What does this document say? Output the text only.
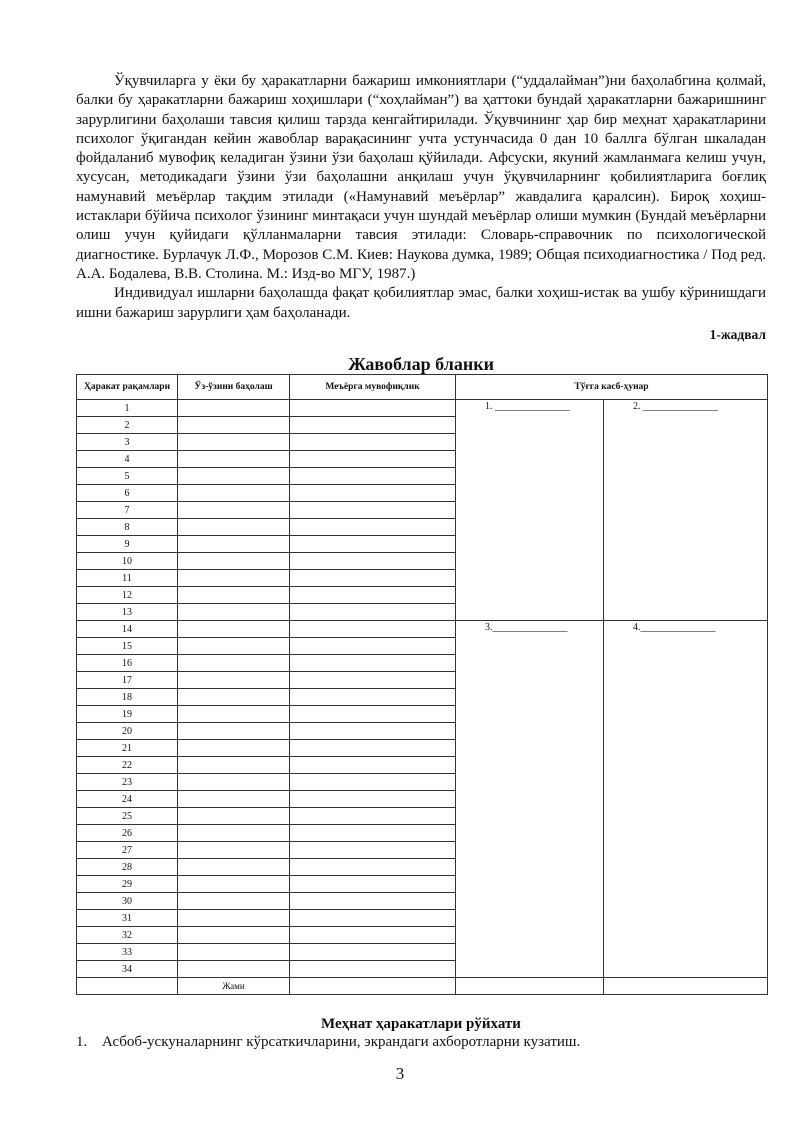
Ўқувчиларга у ёки бу ҳаракатларни бажариш имкониятлари (“уддалайман”)ни баҳолабгина қолмай, балки бу ҳаракатларни бажариш хоҳишлари (“хоҳлайман”) ва ҳаттоки бундай ҳаракатларни бажаришнинг зарурлигини баҳолаши тавсия қилиш тарзда кенгайтирилади. Ўқувчининг ҳар бир меҳнат ҳаракатларини психолог ўқигандан кейин жавоблар варақасининг учта устунчасида 0 дан 10 баллга бўлган шкаладан фойдаланиб мувофиқ келадиган ўзини ўзи баҳолаш қўйилади. Афсуски, якуний жамланмага келиш учун, хусусан, методикадаги ўзини ўзи баҳолашни анқилаш учун ўқувчиларнинг қобилиятларига боғлиқ намунавий меъёрлар тақдим этилади («Намунавий меъёрлар” жавдалига қаралсин). Бироқ хоҳиш-истаклари бўйича психолог ўзининг минтақаси учун шундай меъёрлар олиши мумкин (Бундай меъёрларни олиш учун қуйидаги қўлланмаларни тавсия этилади: Словарь-справочник по психологической диагностике. Бурлачук Л.Ф., Морозов С.М. Киев: Наукова думка, 1989; Общая психодиагностика / Под ред. А.А. Бодалева, В.В. Столина. М.: Изд-во МГУ, 1987.)

Индивидуал ишларни баҳолашда фақат қобилиятлар эмас, балки хоҳиш-истак ва ушбу кўринишдаги ишни бажариш зарурлиги ҳам баҳоланади.

1-жадвал
Жавоблар бланки
Ҳаракат рақамлари	Ўз-ўзини баҳолаш	Меъёрга мувофиқлик	Тўғга касб-ҳунар	
1			1. _______________	2. _______________
2				
3				
4				
5				
6				
7				
8				
9				
10				
11				
12				
13				
14			3._______________	4._______________
15				
16				
17				
18				
19				
20				
21				
22				
23				
24				
25				
26				
27				
28				
29				
30				
31				
32				
33				
34				
	Жами			
Меҳнат ҳаракатлари рўйхати
1. Асбоб-ускуналарнинг кўрсаткичларини, экрандаги ахборотларни кузатиш.
3
